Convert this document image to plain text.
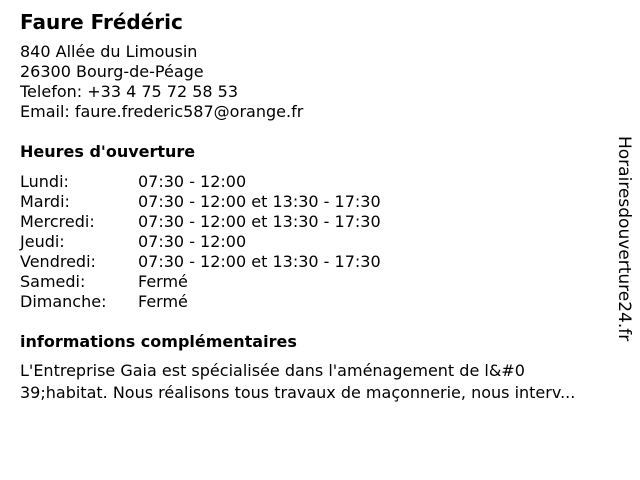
Faure Frédéric
840 Allée du Limousin
26300 Bourg-de-Péage
Telefon: +33 4 75 72 58 53
Email: faure.frederic587@orange.fr
Heures d'ouverture
Lundi:	07:30 - 12:00
Mardi:	07:30 - 12:00 et 13:30 - 17:30
Mercredi:	07:30 - 12:00 et 13:30 - 17:30
Jeudi:	07:30 - 12:00
Vendredi:	07:30 - 12:00 et 13:30 - 17:30
Samedi:	Fermé
Dimanche:	Fermé
informations complémentaires
L'Entreprise Gaia est spécialisée dans l'aménagement de l&#0
39;habitat. Nous réalisons tous travaux de maçonnerie, nous interv...
Horairesdouverture24.fr
